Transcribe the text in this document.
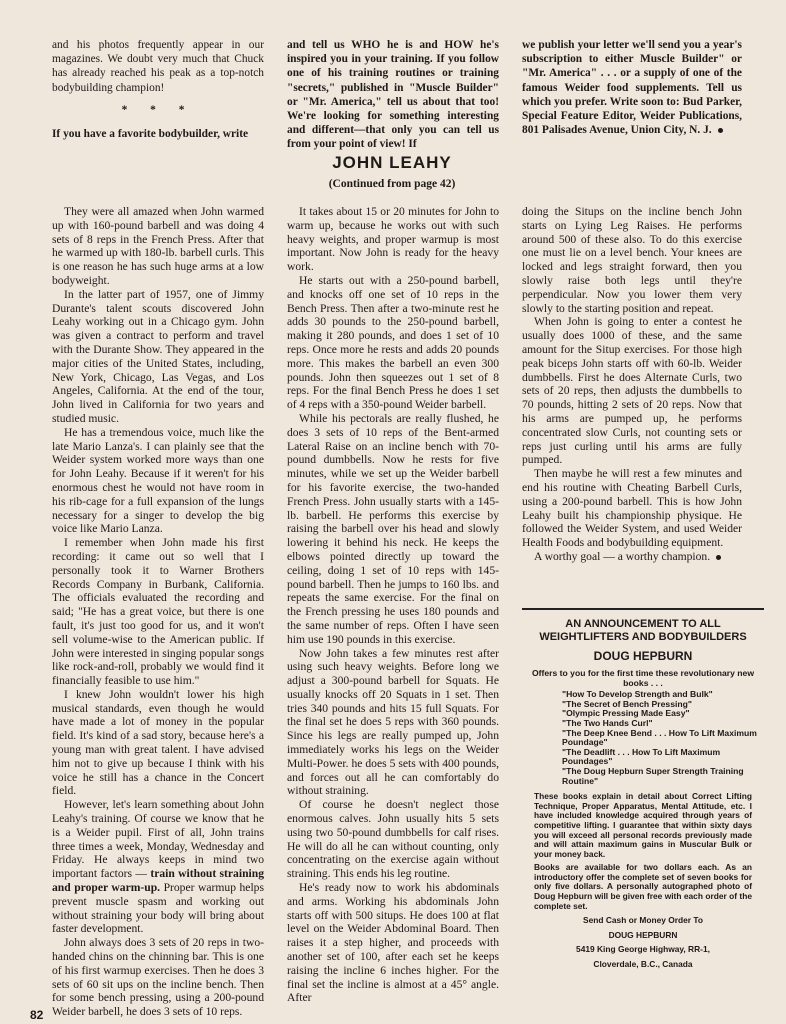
and his photos frequently appear in our magazines. We doubt very much that Chuck has already reached his peak as a top-notch bodybuilding champion!

* * *

If you have a favorite bodybuilder, write

and tell us WHO he is and HOW he's inspired you in your training. If you follow one of his training routines or training "secrets," published in "Muscle Builder" or "Mr. America," tell us about that too! We're looking for something interesting and different—that only you can tell us from your point of view! If

we publish your letter we'll send you a year's subscription to either Muscle Builder" or "Mr. America" . . . or a supply of one of the famous Weider food supplements. Tell us which you prefer. Write soon to: Bud Parker, Special Feature Editor, Weider Publications, 801 Palisades Avenue, Union City, N. J.

JOHN LEAHY
(Continued from page 42)

They were all amazed when John warmed up with 160-pound barbell and was doing 4 sets of 8 reps in the French Press. After that he warmed up with 180-lb. barbell curls. This is one reason he has such huge arms at a low bodyweight.

In the latter part of 1957, one of Jimmy Durante's talent scouts discovered John Leahy working out in a Chicago gym. John was given a contract to perform and travel with the Durante Show. They appeared in the major cities of the United States, including, New York, Chicago, Las Vegas, and Los Angeles, California. At the end of the tour, John lived in California for two years and studied music.

He has a tremendous voice, much like the late Mario Lanza's. I can plainly see that the Weider system worked more ways than one for John Leahy. Because if it weren't for his enormous chest he would not have room in his rib-cage for a full expansion of the lungs necessary for a singer to develop the big voice like Mario Lanza.

I remember when John made his first recording: it came out so well that I personally took it to Warner Brothers Records Company in Burbank, California. The officials evaluated the recording and said; "He has a great voice, but there is one fault, it's just too good for us, and it won't sell volume-wise to the American public. If John were interested in singing popular songs like rock-and-roll, probably we would find it financially feasible to use him."

I knew John wouldn't lower his high musical standards, even though he would have made a lot of money in the popular field. It's kind of a sad story, because here's a young man with great talent. I have advised him not to give up because I think with his voice he still has a chance in the Concert field.

However, let's learn something about John Leahy's training. Of course we know that he is a Weider pupil. First of all, John trains three times a week, Monday, Wednesday and Friday. He always keeps in mind two important factors — train without straining and proper warm-up. Proper warmup helps prevent muscle spasm and working out without straining your body will bring about faster development.

John always does 3 sets of 20 reps in two-handed chins on the chinning bar. This is one of his first warmup exercises. Then he does 3 sets of 60 sit ups on the incline bench. Then for some bench pressing, using a 200-pound Weider barbell, he does 3 sets of 10 reps.

It takes about 15 or 20 minutes for John to warm up, because he works out with such heavy weights, and proper warmup is most important. Now John is ready for the heavy work.

He starts out with a 250-pound barbell, and knocks off one set of 10 reps in the Bench Press. Then after a two-minute rest he adds 30 pounds to the 250-pound barbell, making it 280 pounds, and does 1 set of 10 reps. Once more he rests and adds 20 pounds more. This makes the barbell an even 300 pounds. John then squeezes out 1 set of 8 reps. For the final Bench Press he does 1 set of 4 reps with a 350-pound Weider barbell.

While his pectorals are really flushed, he does 3 sets of 10 reps of the Bent-armed Lateral Raise on an incline bench with 70-pound dumbbells. Now he rests for five minutes, while we set up the Weider barbell for his favorite exercise, the two-handed French Press. John usually starts with a 145-lb. barbell. He performs this exercise by raising the barbell over his head and slowly lowering it behind his neck. He keeps the elbows pointed directly up toward the ceiling, doing 1 set of 10 reps with 145-pound barbell. Then he jumps to 160 lbs. and repeats the same exercise. For the final on the French pressing he uses 180 pounds and the same number of reps. Often I have seen him use 190 pounds in this exercise.

Now John takes a few minutes rest after using such heavy weights. Before long we adjust a 300-pound barbell for Squats. He usually knocks off 20 Squats in 1 set. Then tries 340 pounds and hits 15 full Squats. For the final set he does 5 reps with 360 pounds. Since his legs are really pumped up, John immediately works his legs on the Weider Multi-Power. he does 5 sets with 400 pounds, and forces out all he can comfortably do without straining.

Of course he doesn't neglect those enormous calves. John usually hits 5 sets using two 50-pound dumbbells for calf rises. He will do all he can without counting, only concentrating on the exercise again without straining. This ends his leg routine.

He's ready now to work his abdominals and arms. Working his abdominals John starts off with 500 situps. He does 100 at flat level on the Weider Abdominal Board. Then raises it a step higher, and proceeds with another set of 100, after each set he keeps raising the incline 6 inches higher. For the final set the incline is almost at a 45° angle. After

doing the Situps on the incline bench John starts on Lying Leg Raises. He performs around 500 of these also. To do this exercise one must lie on a level bench. Your knees are locked and legs straight forward, then you slowly raise both legs until they're perpendicular. Now you lower them very slowly to the starting position and repeat.

When John is going to enter a contest he usually does 1000 of these, and the same amount for the Situp exercises. For those high peak biceps John starts off with 60-lb. Weider dumbbells. First he does Alternate Curls, two sets of 20 reps, then adjusts the dumbbells to 70 pounds, hitting 2 sets of 20 reps. Now that his arms are pumped up, he performs concentrated slow Curls, not counting sets or reps just curling until his arms are fully pumped.

Then maybe he will rest a few minutes and end his routine with Cheating Barbell Curls, using a 200-pound barbell. This is how John Leahy built his championship physique. He followed the Weider System, and used Weider Health Foods and bodybuilding equipment.

A worthy goal — a worthy champion.

AN ANNOUNCEMENT TO ALL WEIGHTLIFTERS AND BODYBUILDERS
DOUG HEPBURN
Offers to you for the first time these revolutionary new books . . .
"How To Develop Strength and Bulk"
"The Secret of Bench Pressing"
"Olympic Pressing Made Easy"
"The Two Hands Curl"
"The Deep Knee Bend . . . How To Lift Maximum Poundage"
"The Deadlift . . . How To Lift Maximum Poundages"
"The Doug Hepburn Super Strength Training Routine"
These books explain in detail about Correct Lifting Technique, Proper Apparatus, Mental Attitude, etc. I have included knowledge acquired through years of competitive lifting. I guarantee that within sixty days you will exceed all personal records previously made and will attain maximum gains in Muscular Bulk or your money back.
Books are available for two dollars each. As an introductory offer the complete set of seven books for only five dollars. A personally autographed photo of Doug Hepburn will be given free with each order of the complete set.
Send Cash or Money Order To
DOUG HEPBURN
5419 King George Highway, RR-1,
Cloverdale, B.C., Canada
82
